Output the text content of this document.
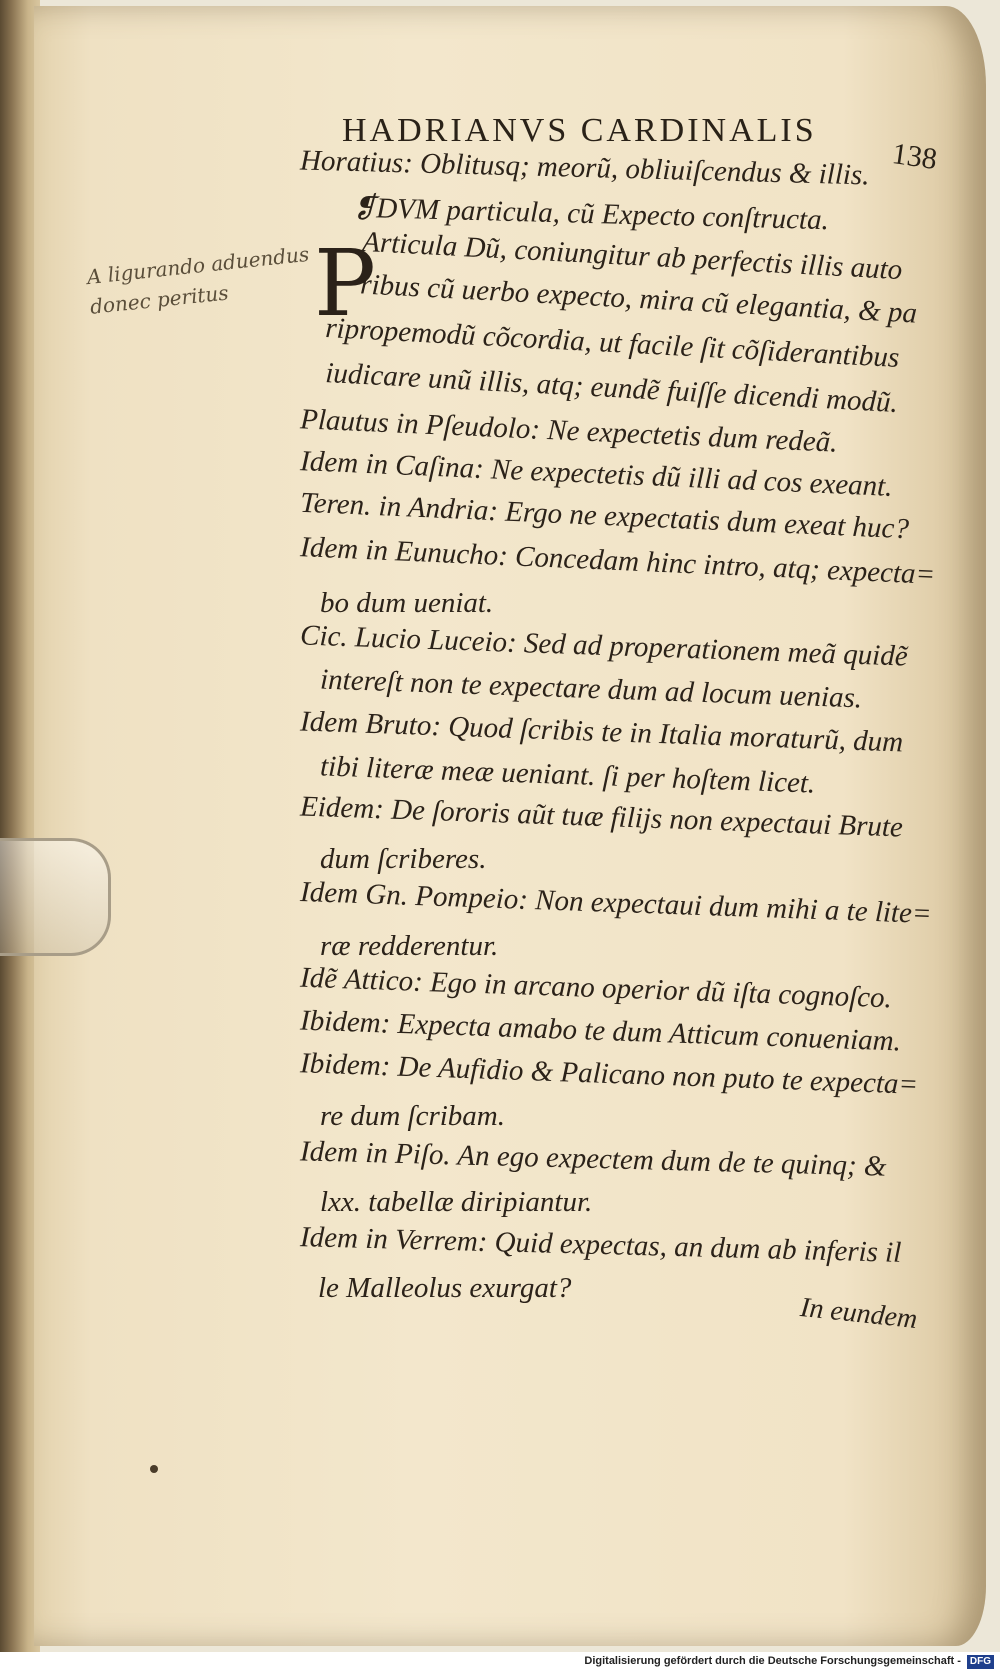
HADRIANVS CARDINALIS
138
A ligurando aduendus donec peritus P
Horatius: Oblitusq; meorũ, obliuiſcendus & illis.
❡DVM particula, cũ Expecto conſtructa.
Articula Dũ, coniungitur ab perfectis illis auto
ribus cũ uerbo expecto, mira cũ elegantia, & pa
ripropemodũ cõcordia, ut facile ſit cõſiderantibus
iudicare unũ illis, atq; eundẽ fuiſſe dicendi modũ.
Plautus in Pſeudolo: Ne expectetis dum redeã.
Idem in Caſina: Ne expectetis dũ illi ad cos exeant.
Teren. in Andria: Ergo ne expectatis dum exeat huc?
Idem in Eunucho: Concedam hinc intro, atq; expecta=
bo dum ueniat.
Cic. Lucio Luceio: Sed ad properationem meã quidẽ
intereſt non te expectare dum ad locum uenias.
Idem Bruto: Quod ſcribis te in Italia moraturũ, dum
tibi literæ meæ ueniant. ſi per hoſtem licet.
Eidem: De ſororis aũt tuæ filijs non expectaui Brute
dum ſcriberes.
Idem Gn. Pompeio: Non expectaui dum mihi a te lite=
ræ redderentur.
Idẽ Attico: Ego in arcano operior dũ iſta cognoſco.
Ibidem: Expecta amabo te dum Atticum conueniam.
Ibidem: De Aufidio & Palicano non puto te expecta=
re dum ſcribam.
Idem in Piſo. An ego expectem dum de te quinq; &
lxx. tabellæ diripiantur.
Idem in Verrem: Quid expectas, an dum ab inferis il
le Malleolus exurgat?
In eundem
Digitalisierung gefördert durch die Deutsche Forschungsgemeinschaft - DFG
